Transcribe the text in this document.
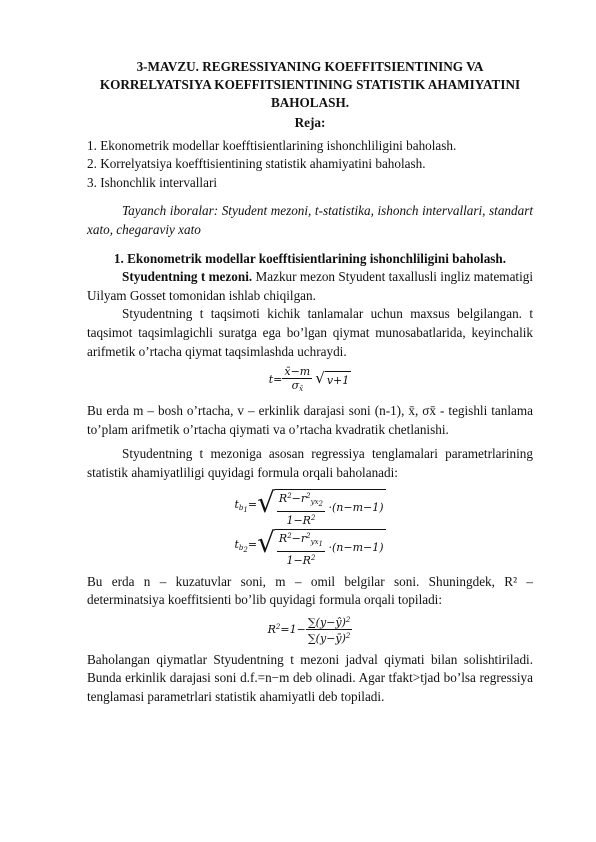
3-MAVZU. REGRESSIYANING KOEFFITSIENTINING VA KORRELYATSIYA KOEFFITSIENTINING STATISTIK AHAMIYATINI BAHOLASH.
Reja:
1. Ekonometrik modellar koefftisientlarining ishonchliligini baholash.
2. Korrelyatsiya koefftisientining statistik ahamiyatini baholash.
3. Ishonchlik intervallari

Tayanch iboralar: Styudent mezoni, t-statistika, ishonch intervallari, standart xato, chegaraviy xato

1. Ekonometrik modellar koefftisientlarining ishonchliligini baholash.

Styudentning t mezoni. Mazkur mezon Styudent taxallusli ingliz matematigi Uilyam Gosset tomonidan ishlab chiqilgan.

Styudentning t taqsimoti kichik tanlamalar uchun maxsus belgilangan. t taqsimot taqsimlagichli suratga ega bo’lgan qiymat munosabatlarida, keyinchalik arifmetik o’rtacha qiymat taqsimlashda uchraydi.

$t= \frac{x̄-m}{\sigma_{x̄}}$ √ v+1

Bu erda m – bosh o’rtacha, v – erkinlik darajasi soni (n-1), x̄, σx̄ - tegishli tanlama to’plam arifmetik o’rtacha qiymati va o’rtacha kvadratik chetlanishi.

Styudentning t mezoniga asosan regressiya tenglamalari parametrlarining statistik ahamiyatliligi quyidagi formula orqali baholanadi:

$t_{b_1}=$ √ $\frac{R^2-r^2_{yx_2}}{1-R^2} \cdot(n-m-1)$
$t_{b_2}=$ √ $\frac{R^2-r^2_{yx_1}}{1-R^2} \cdot(n-m-1)$

Bu erda n – kuzatuvlar soni, m – omil belgilar soni. Shuningdek, R² – determinatsiya koeffitsienti bo’lib quyidagi formula orqali topiladi:

$R^2=1- \frac{\sum(y-ŷ)^2}{\sum(y-ȳ)^2}$

Baholangan qiymatlar Styudentning t mezoni jadval qiymati bilan solishtiriladi. Bunda erkinlik darajasi soni d.f.=n−m deb olinadi. Agar tfakt>tjad bo’lsa regressiya tenglamasi parametrlari statistik ahamiyatli deb topiladi.
